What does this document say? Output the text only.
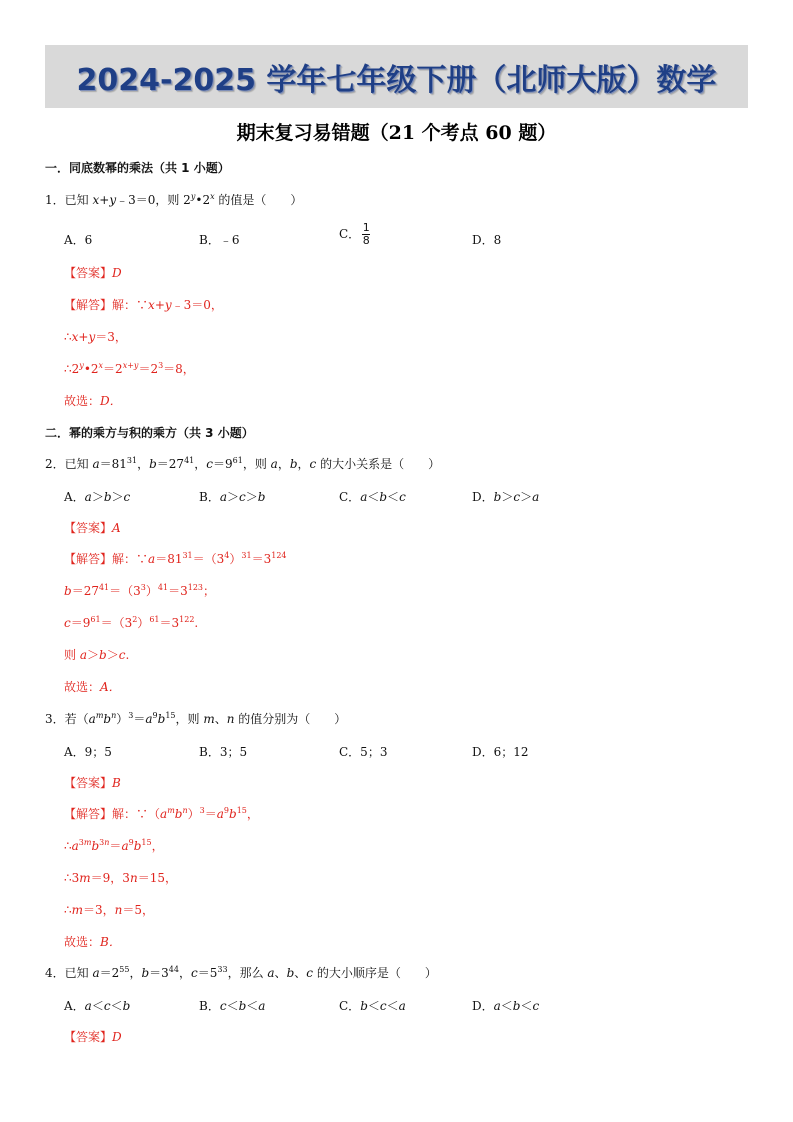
2024-2025 学年七年级下册（北师大版）数学
期末复习易错题（21 个考点 60 题）
一．同底数幂的乘法（共 1 小题）
1．已知 x+y﹣3＝0，则 2$^y$•2$^x$ 的值是（　　）
A．6	B．﹣6	C． $\frac{1}{8}$	D．8
【答案】D
【解答】解：∵x+y﹣3＝0，
∴x+y＝3，
$\therefore 2^y•2^x=2^{x+y}=2^3=8$，
故选：D．
二．幂的乘方与积的乘方（共 3 小题）
2．已知 $a=81^{31}$，$b=27^{41}$，$c=9^{61}$，则 a，b，c 的大小关系是（　　）
A．a＞b＞c	B．a＞c＞b	C．a＜b＜c	D．b＞c＞a
【答案】A
【解答】解：$\because a=81^{31}=(3^4)^{31}=3^{124}$
$b=27^{41}=(3^3)^{41}=3^{123}$；
$c=9^{61}=(3^2)^{61}=3^{122}$.
则 a＞b＞c.
故选：A．
3．若$(a^mb^n)^3=a^9b^{15}$，则 m、n 的值分别为（　　）
A．9；5	B．3；5	C．5；3	D．6；12
【答案】B
【解答】解：$\because(a^mb^n)^3=a^9b^{15}$，
$\therefore a^{3m}b^{3n}=a^9b^{15}$，
∴3m＝9，3n＝15，
∴m＝3，n＝5，
故选：B．
4．已知 $a=2^{55}$，$b=3^{44}$，$c=5^{33}$，那么 a、b、c 的大小顺序是（　　）
A．a＜c＜b	B．c＜b＜a	C．b＜c＜a	D．a＜b＜c
【答案】D
